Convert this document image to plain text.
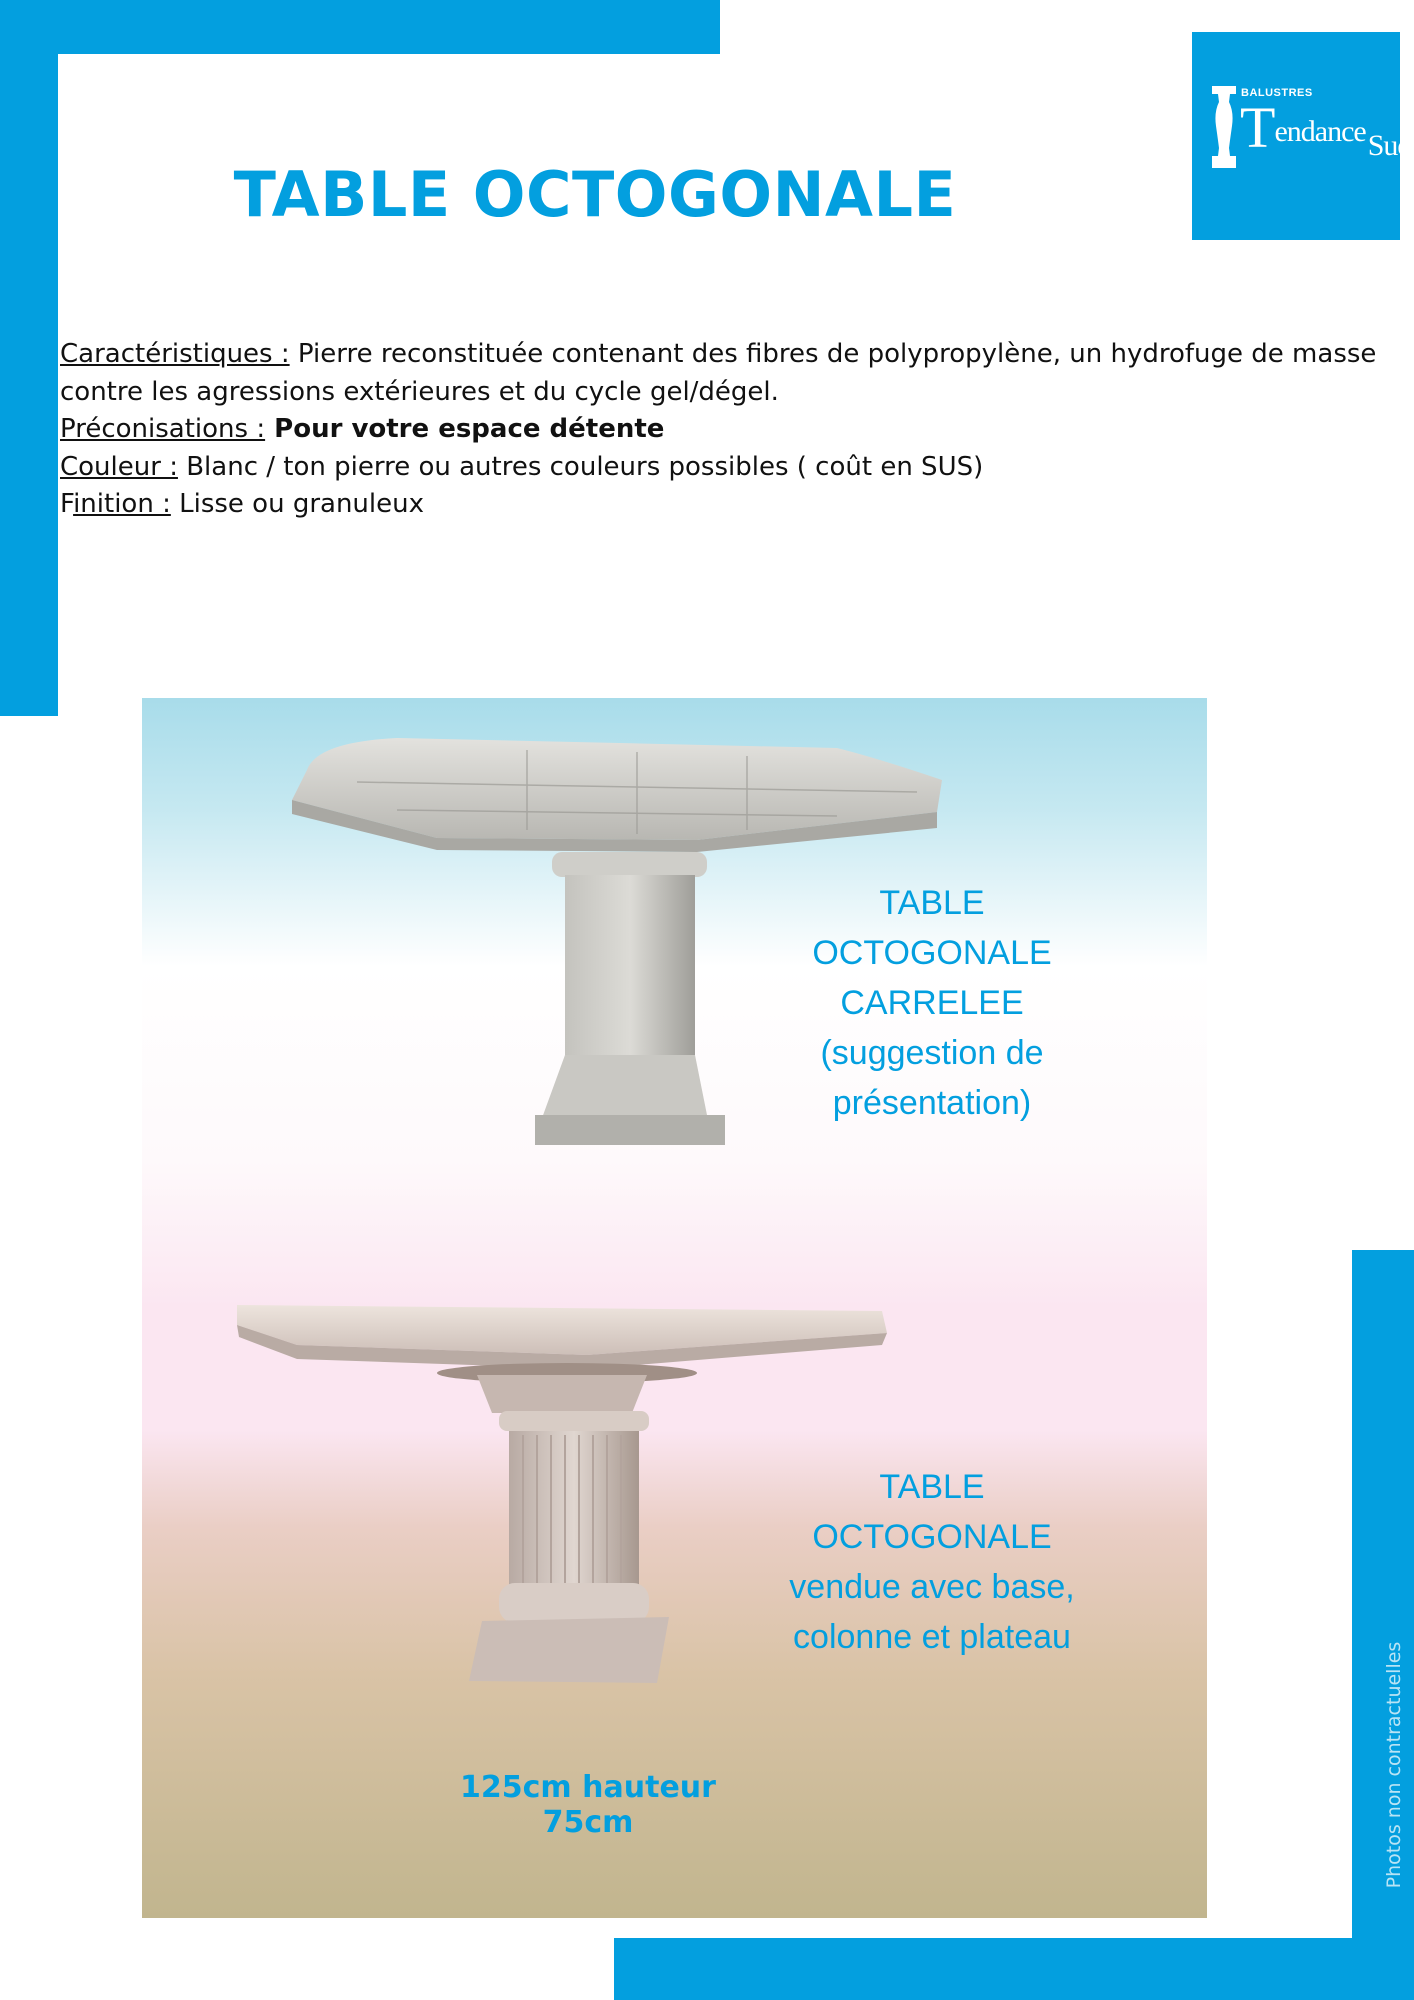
BALUSTRES
TendanceSud
TABLE OCTOGONALE
Caractéristiques : Pierre reconstituée contenant des fibres de polypropylène, un hydrofuge de masse
contre les agressions extérieures et du cycle gel/dégel.
Préconisations : Pour votre espace détente
Couleur : Blanc / ton pierre ou autres couleurs possibles ( coût en SUS)
Finition : Lisse ou granuleux
TABLE
OCTOGONALE
CARRELEE
(suggestion de
présentation)
TABLE
OCTOGONALE
vendue avec base,
colonne et plateau
125cm hauteur 75cm	Photos non contractuelles
